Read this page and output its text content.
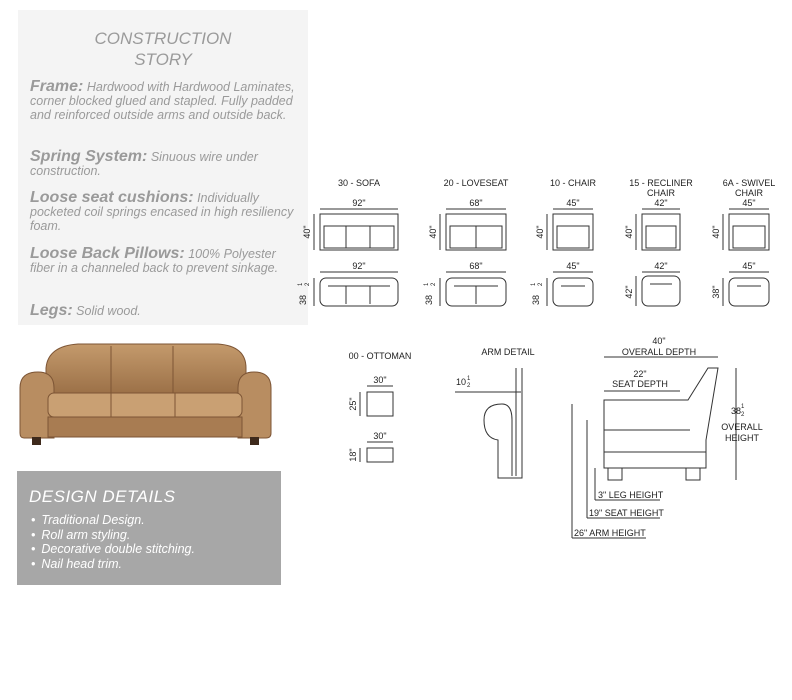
CONSTRUCTION
STORY
Frame: Hardwood with Hardwood Laminates, corner blocked glued and stapled. Fully padded and reinforced outside arms and outside back.
Spring System: Sinuous wire under construction.
Loose seat cushions: Individually pocketed coil springs encased in high resiliency foam.
Loose Back Pillows: 100% Polyester fiber in a channeled back to prevent sinkage.
Legs: Solid wood.
DESIGN DETAILS
• Traditional Design.
• Roll arm styling.
• Decorative double stitching.
• Nail head trim.
30 - SOFA	20 - LOVESEAT	10 - CHAIR	15 - RECLINER
CHAIR
6A - SWIVEL
CHAIR
92"	68"	45"	42"	45"
92"	68"	45"	42"	45"
40"	40"	40"	40"	40"
38
1 2
38
1 2
38
1 2
42"	38"
00 - OTTOMAN
30"
25"
30"
18"
ARM DETAIL
10 1
2
40"
OVERALL DEPTH
22"
SEAT DEPTH
38 1
2
OVERALL
HEIGHT
3" LEG HEIGHT
19" SEAT HEIGHT
26" ARM HEIGHT
